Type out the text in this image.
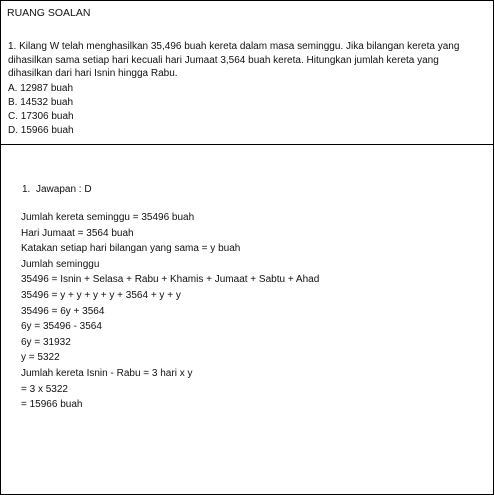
RUANG SOALAN

1. Kilang W telah menghasilkan 35,496 buah kereta dalam masa seminggu. Jika bilangan kereta yang dihasilkan sama setiap hari kecuali hari Jumaat 3,564 buah kereta. Hitungkan jumlah kereta yang dihasilkan dari hari Isnin hingga Rabu.

A. 12987 buah
B. 14532 buah
C. 17306 buah
D. 15966 buah
1. Jawapan : D

Jumlah kereta seminggu = 35496 buah

Hari Jumaat = 3564 buah

Katakan setiap hari bilangan yang sama = y buah

Jumlah seminggu

35496 = Isnin + Selasa + Rabu + Khamis + Jumaat + Sabtu + Ahad

35496 = y + y + y + y + 3564 + y + y

35496 = 6y + 3564

6y = 35496 - 3564

6y = 31932

y = 5322

Jumlah kereta Isnin - Rabu = 3 hari x y

= 3 x 5322

= 15966 buah
